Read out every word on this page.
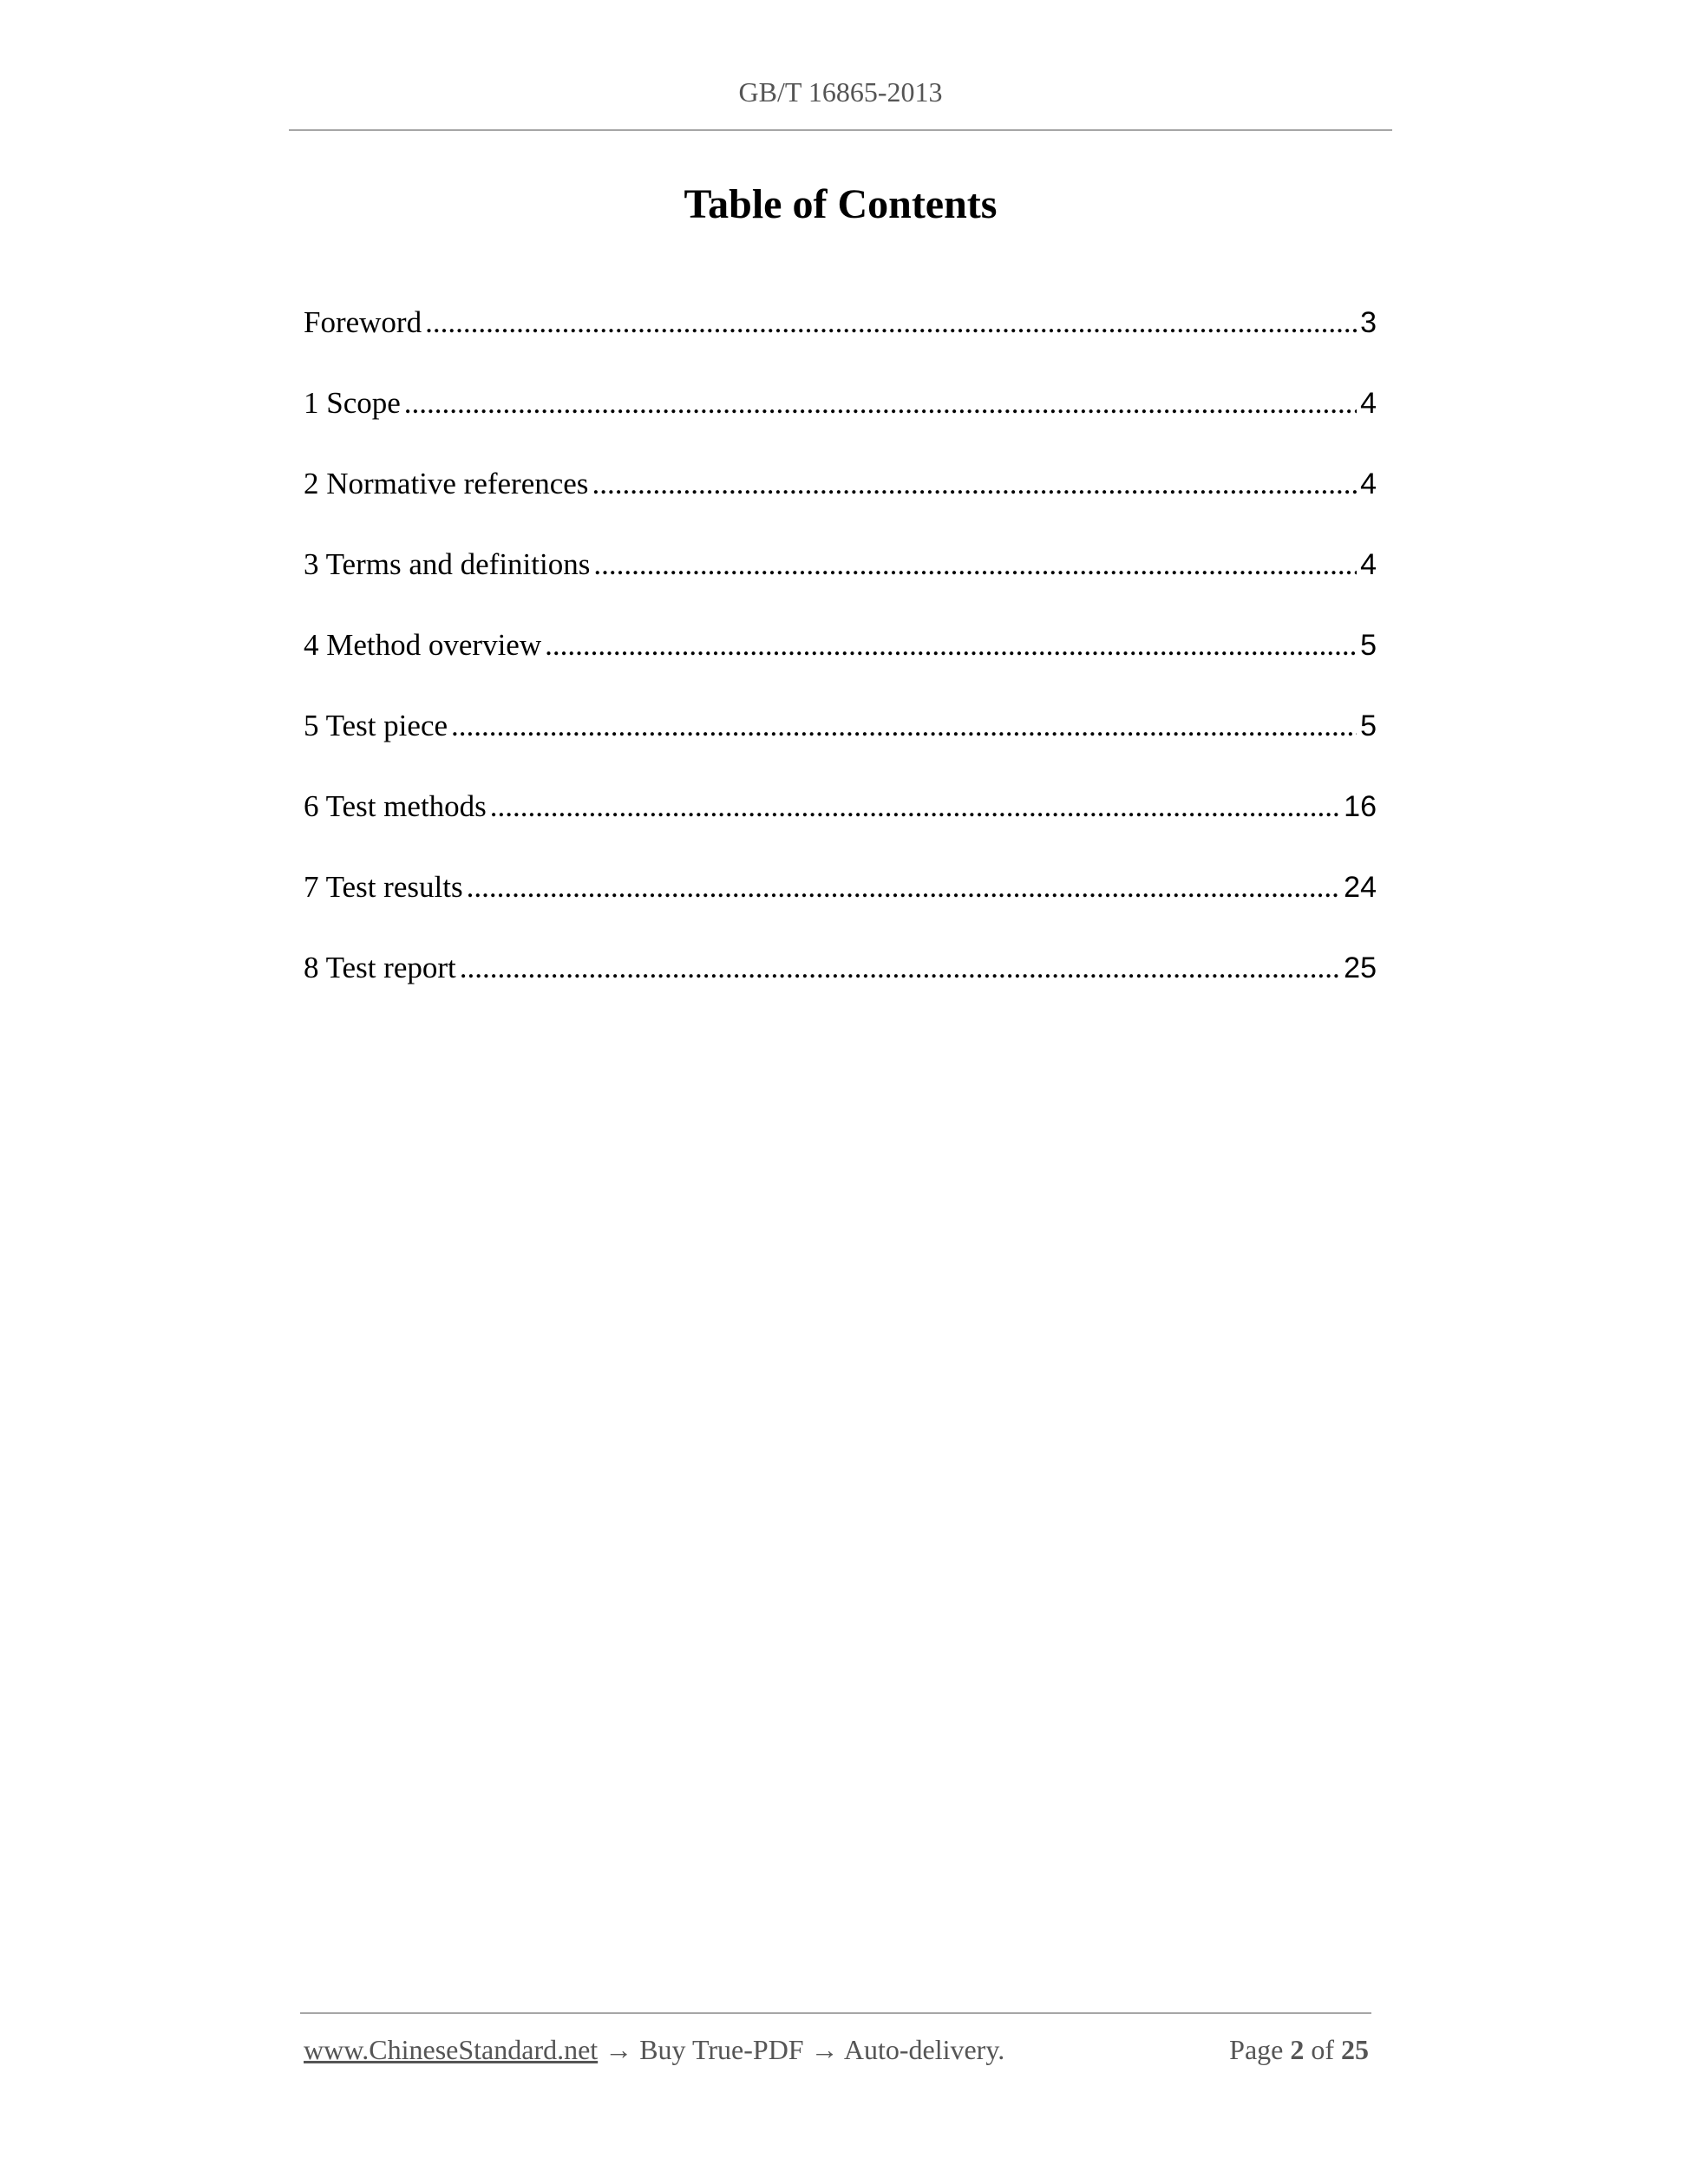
GB/T 16865-2013
Table of Contents
Foreword .....	3
1 Scope .....	4
2 Normative references .....	4
3 Terms and definitions .....	4
4 Method overview .....	5
5 Test piece .....	5
6 Test methods .....	16
7 Test results .....	24
8 Test report .....	25
www.ChineseStandard.net → Buy True-PDF → Auto-delivery.	Page 2 of 25
